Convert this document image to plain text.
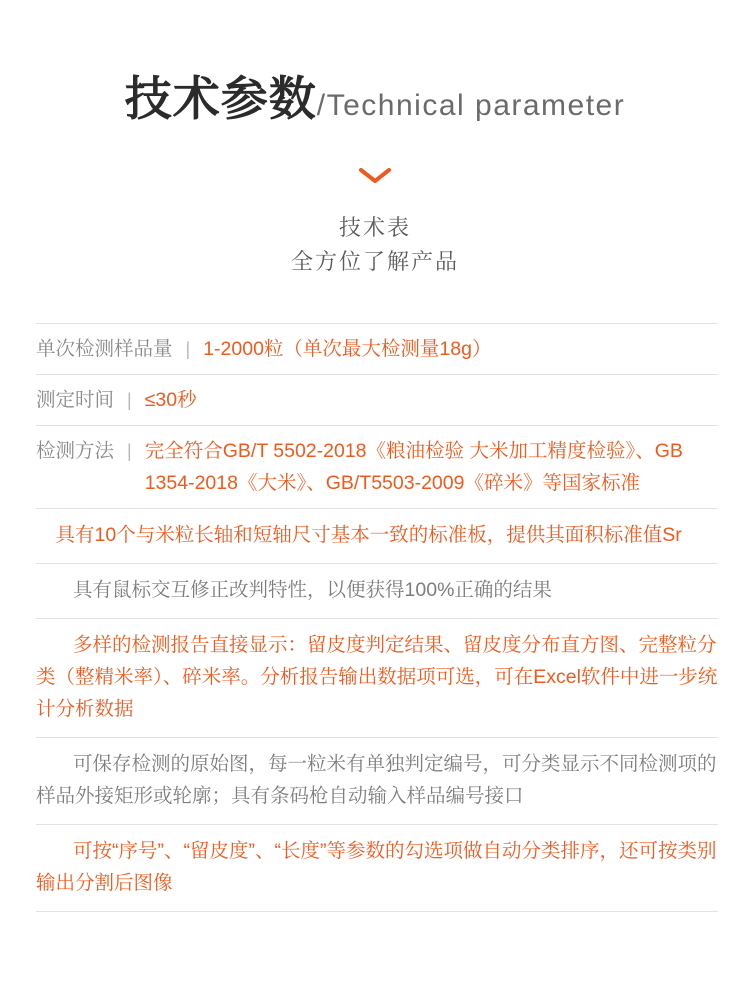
技术参数/Technical parameter
技术表
全方位了解产品
单次检测样品量 | 1-2000粒（单次最大检测量18g）
测定时间 | ≤30秒
检测方法 | 完全符合GB/T 5502-2018《粮油检验 大米加工精度检验》、GB 1354-2018《大米》、GB/T5503-2009《碎米》等国家标准
具有10个与米粒长轴和短轴尺寸基本一致的标准板，提供其面积标准值Sr
具有鼠标交互修正改判特性，以便获得100%正确的结果
多样的检测报告直接显示：留皮度判定结果、留皮度分布直方图、完整粒分类（整精米率）、碎米率。分析报告输出数据项可选，可在Excel软件中进一步统计分析数据
可保存检测的原始图，每一粒米有单独判定编号，可分类显示不同检测项的样品外接矩形或轮廓；具有条码枪自动输入样品编号接口
可按“序号”、“留皮度”、“长度”等参数的勾选项做自动分类排序，还可按类别输出分割后图像
